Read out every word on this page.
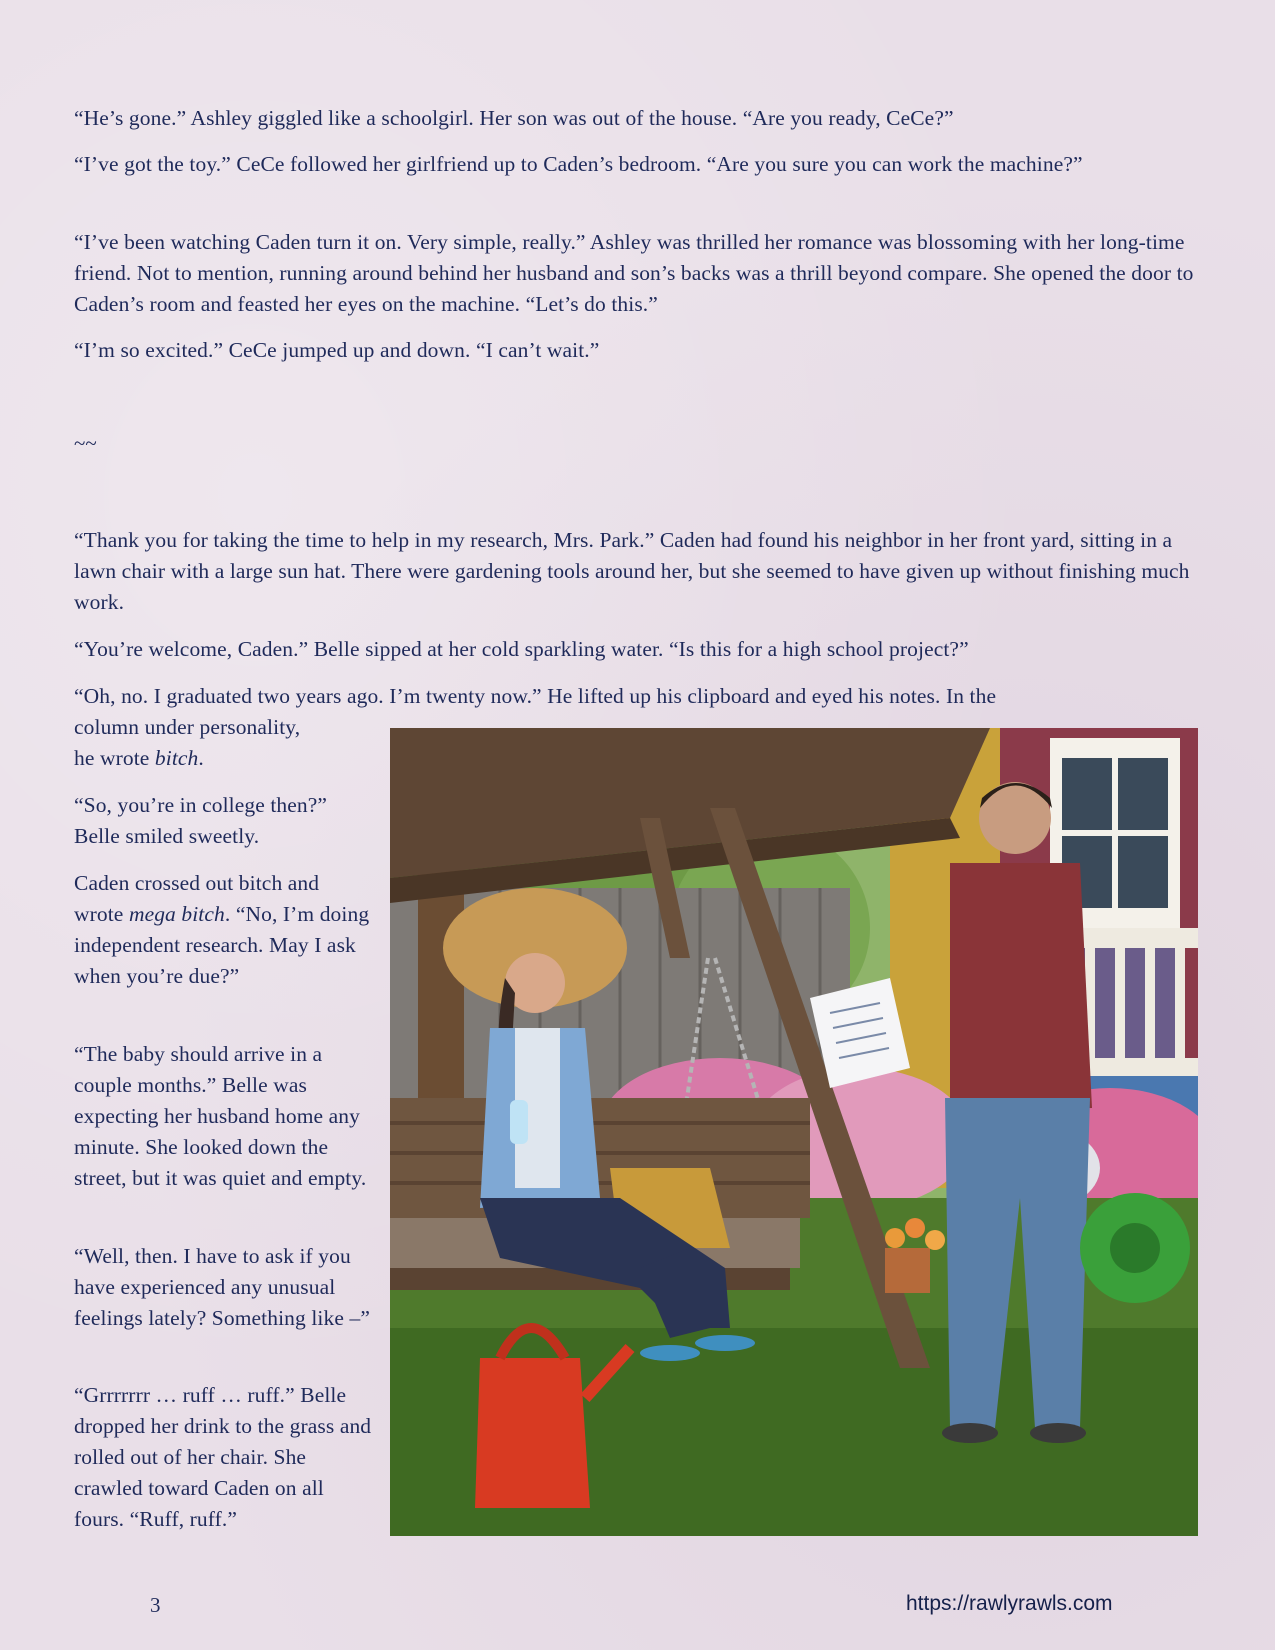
“He’s gone.” Ashley giggled like a schoolgirl. Her son was out of the house. “Are you ready, CeCe?”

“I’ve got the toy.” CeCe followed her girlfriend up to Caden’s bedroom. “Are you sure you can work the machine?”

“I’ve been watching Caden turn it on. Very simple, really.” Ashley was thrilled her romance was blossoming with her long-time friend. Not to mention, running around behind her husband and son’s backs was a thrill beyond compare. She opened the door to Caden’s room and feasted her eyes on the machine. “Let’s do this.”

“I’m so excited.” CeCe jumped up and down. “I can’t wait.”

~~

“Thank you for taking the time to help in my research, Mrs. Park.” Caden had found his neighbor in her front yard, sitting in a lawn chair with a large sun hat. There were gardening tools around her, but she seemed to have given up without finishing much work.

“You’re welcome, Caden.” Belle sipped at her cold sparkling water. “Is this for a high school project?”

“Oh, no. I graduated two years ago. I’m twenty now.” He lifted up his clipboard and eyed his notes. In the

column under personality,
he wrote bitch.

“So, you’re in college then?” Belle smiled sweetly.

Caden crossed out bitch and wrote mega bitch. “No, I’m doing independent research. May I ask when you’re due?”

“The baby should arrive in a couple months.” Belle was expecting her husband home any minute. She looked down the street, but it was quiet and empty.

“Well, then. I have to ask if you have experienced any unusual feelings lately? Something like –”

“Grrrrrrr … ruff … ruff.” Belle dropped her drink to the grass and rolled out of her chair. She crawled toward Caden on all fours. “Ruff, ruff.”

3	https://rawlyrawls.com
